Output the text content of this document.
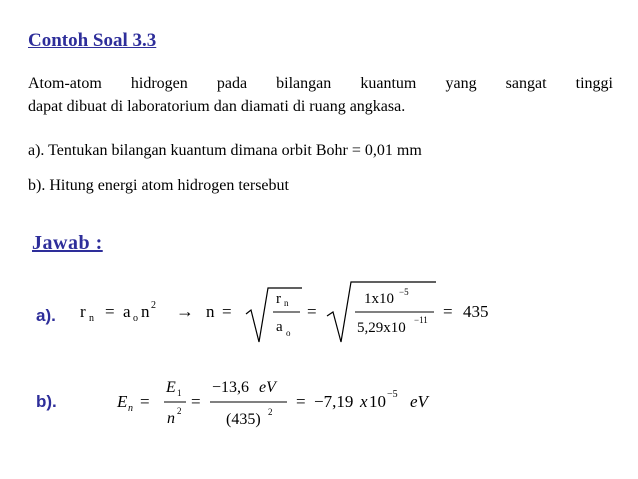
Contoh Soal 3.3
Atom-atom hidrogen pada bilangan kuantum yang sangat tinggi
dapat dibuat di laboratorium dan diamati di ruang angkasa.
a). Tentukan bilangan kuantum dimana orbit Bohr = 0,01 mm
b). Hitung energi atom hidrogen tersebut
Jawab :
a). r n = a o n 2 → n =
r n
a o
=
1x10 −5
5,29x10 −11 = 435
b).	E n =
E 1
n 2 =
−13,6 eV
(435) 2
= −7,19 x 10 −5 eV
